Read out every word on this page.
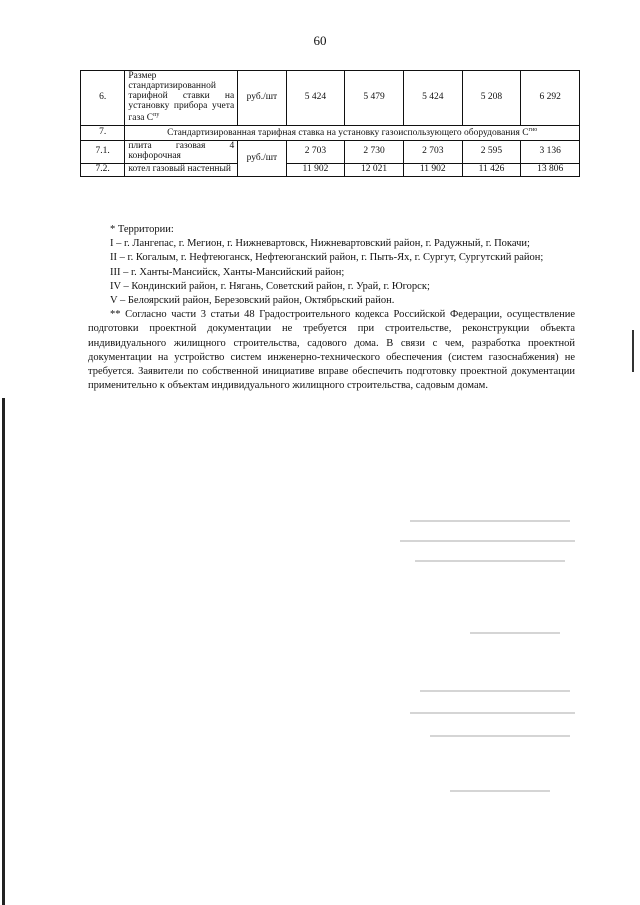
60
6.	Размер стандартизированной тарифной ставки на установку прибора учета газа $С^{пу}$	руб./шт	5 424	5 479	5 424	5 208	6 292
7.	Стандартизированная тарифная ставка на установку газоиспользующего оборудования $С^{гио}$
7.1.	плита газовая 4 конфорочная	руб./шт	2 703	2 730	2 703	2 595	3 136
7.2.	котел газовый настенный		11 902	12 021	11 902	11 426	13 806

* Территории:

I – г. Лангепас, г. Мегион, г. Нижневартовск, Нижневартовский район, г. Радужный, г. Покачи;

II – г. Когалым, г. Нефтеюганск, Нефтеюганский район, г. Пыть-Ях, г. Сургут, Сургутский район;

III – г. Ханты-Мансийск, Ханты-Мансийский район;

IV – Кондинский район, г. Нягань, Советский район, г. Урай, г. Югорск;

V – Белоярский район, Березовский район, Октябрьский район.

** Согласно части 3 статьи 48 Градостроительного кодекса Российской Федерации, осуществление подготовки проектной документации не требуется при строительстве, реконструкции объекта индивидуального жилищного строительства, садового дома. В связи с чем, разработка проектной документации на устройство систем инженерно-технического обеспечения (систем газоснабжения) не требуется. Заявители по собственной инициативе вправе обеспечить подготовку проектной документации применительно к объектам индивидуального жилищного строительства, садовым домам.
